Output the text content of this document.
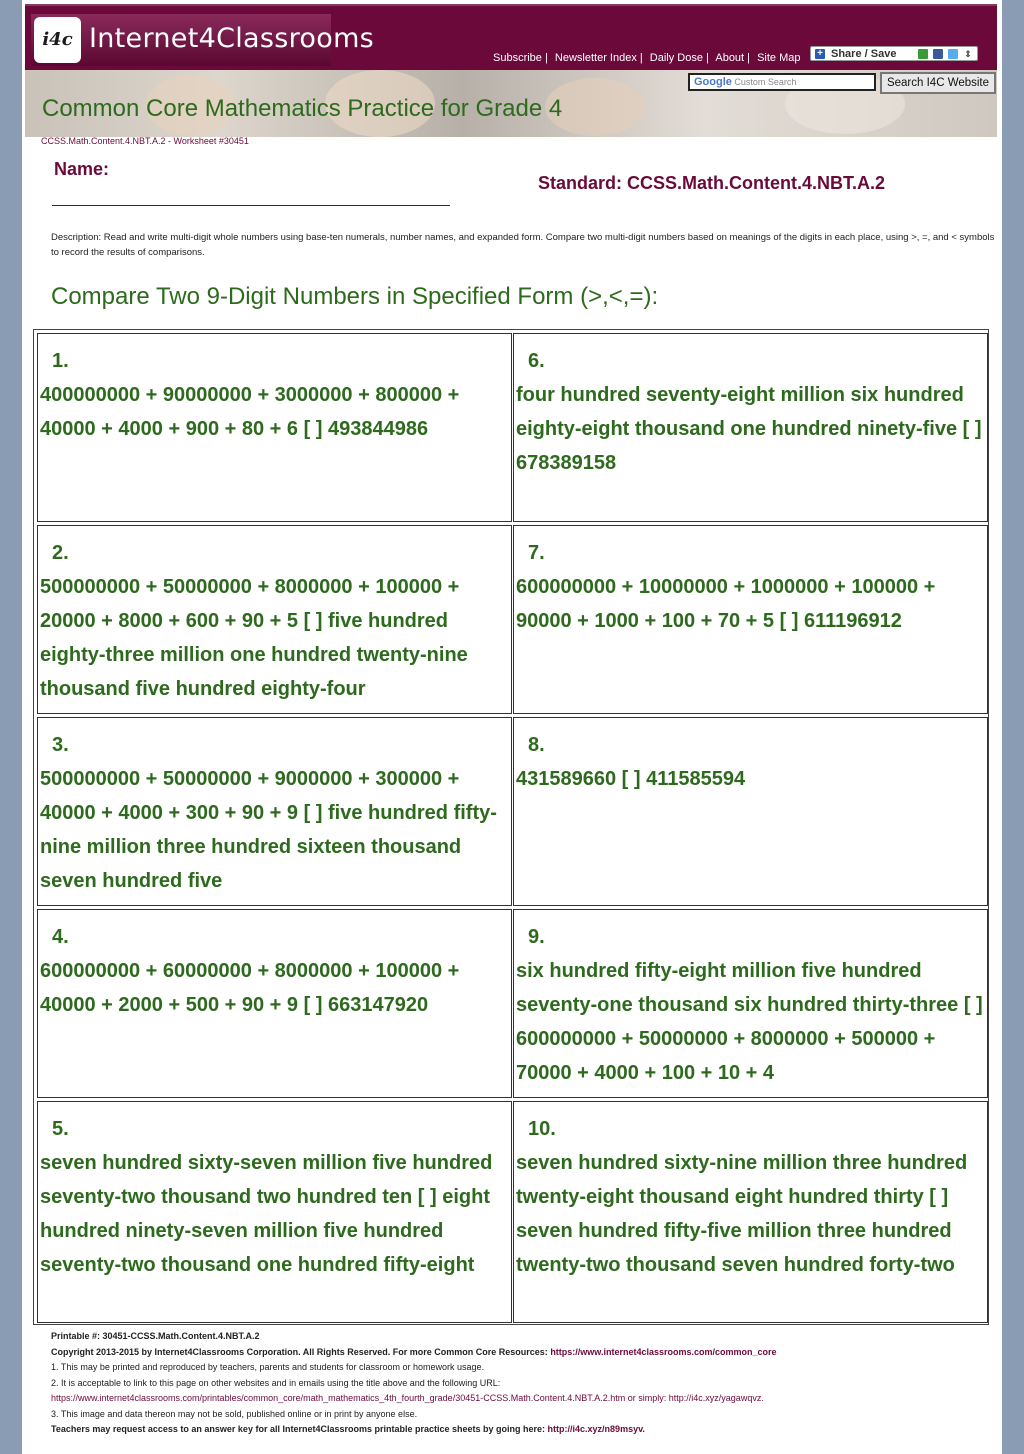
i4c Internet4Classrooms
Subscribe | Newsletter Index | Daily Dose | About | Site Map	+ Share / Save	⇕
Google Custom Search	Search I4C Website
Common Core Mathematics Practice for Grade 4
CCSS.Math.Content.4.NBT.A.2 - Worksheet #30451
Name:
Standard: CCSS.Math.Content.4.NBT.A.2
Description: Read and write multi-digit whole numbers using base-ten numerals, number names, and expanded form. Compare two multi-digit numbers based on meanings of the digits in each place, using >, =, and < symbols to record the results of comparisons.
Compare Two 9-Digit Numbers in Specified Form (>,<,=):
1.
400000000 + 90000000 + 3000000 + 800000 + 40000 + 4000 + 900 + 80 + 6 [ ] 493844986
2.
500000000 + 50000000 + 8000000 + 100000 + 20000 + 8000 + 600 + 90 + 5 [ ] five hundred eighty-three million one hundred twenty-nine thousand five hundred eighty-four
3.
500000000 + 50000000 + 9000000 + 300000 + 40000 + 4000 + 300 + 90 + 9 [ ] five hundred fifty-nine million three hundred sixteen thousand seven hundred five
4.
600000000 + 60000000 + 8000000 + 100000 + 40000 + 2000 + 500 + 90 + 9 [ ] 663147920
5.
seven hundred sixty-seven million five hundred seventy-two thousand two hundred ten [ ] eight hundred ninety-seven million five hundred seventy-two thousand one hundred fifty-eight
6.
four hundred seventy-eight million six hundred eighty-eight thousand one hundred ninety-five [ ] 678389158
7.
600000000 + 10000000 + 1000000 + 100000 + 90000 + 1000 + 100 + 70 + 5 [ ] 611196912
8.
431589660 [ ] 411585594
9.
six hundred fifty-eight million five hundred seventy-one thousand six hundred thirty-three [ ] 600000000 + 50000000 + 8000000 + 500000 + 70000 + 4000 + 100 + 10 + 4
10.
seven hundred sixty-nine million three hundred twenty-eight thousand eight hundred thirty [ ] seven hundred fifty-five million three hundred twenty-two thousand seven hundred forty-two
Printable #: 30451-CCSS.Math.Content.4.NBT.A.2
Copyright 2013-2015 by Internet4Classrooms Corporation. All Rights Reserved. For more Common Core Resources: https://www.internet4classrooms.com/common_core
1. This may be printed and reproduced by teachers, parents and students for classroom or homework usage.
2. It is acceptable to link to this page on other websites and in emails using the title above and the following URL:
https://www.internet4classrooms.com/printables/common_core/math_mathematics_4th_fourth_grade/30451-CCSS.Math.Content.4.NBT.A.2.htm or simply: http://i4c.xyz/yagawqvz.
3. This image and data thereon may not be sold, published online or in print by anyone else.
Teachers may request access to an answer key for all Internet4Classrooms printable practice sheets by going here: http://i4c.xyz/n89msyv.
